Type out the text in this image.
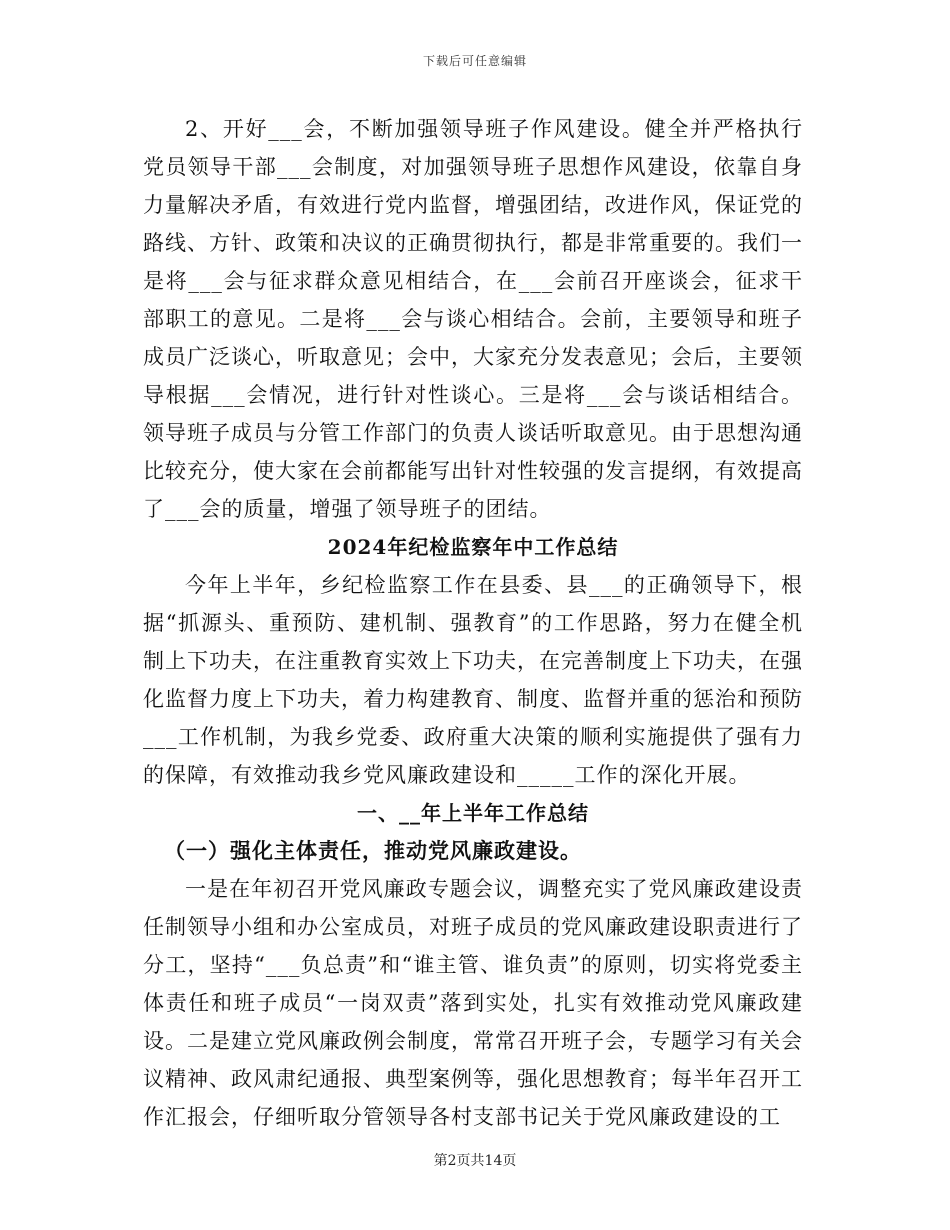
下载后可任意编辑

2、开好___会，不断加强领导班子作风建设。健全并严格执行党员领导干部___会制度，对加强领导班子思想作风建设，依靠自身力量解决矛盾，有效进行党内监督，增强团结，改进作风，保证党的路线、方针、政策和决议的正确贯彻执行，都是非常重要的。我们一是将___会与征求群众意见相结合，在___会前召开座谈会，征求干部职工的意见。二是将___会与谈心相结合。会前，主要领导和班子成员广泛谈心，听取意见；会中，大家充分发表意见；会后，主要领导根据___会情况，进行针对性谈心。三是将___会与谈话相结合。领导班子成员与分管工作部门的负责人谈话听取意见。由于思想沟通比较充分，使大家在会前都能写出针对性较强的发言提纲，有效提高了___会的质量，增强了领导班子的团结。

2024年纪检监察年中工作总结

今年上半年，乡纪检监察工作在县委、县___的正确领导下，根据“抓源头、重预防、建机制、强教育”的工作思路，努力在健全机制上下功夫，在注重教育实效上下功夫，在完善制度上下功夫，在强化监督力度上下功夫，着力构建教育、制度、监督并重的惩治和预防___工作机制，为我乡党委、政府重大决策的顺利实施提供了强有力的保障，有效推动我乡党风廉政建设和_____工作的深化开展。

一、__年上半年工作总结

（一）强化主体责任，推动党风廉政建设。

一是在年初召开党风廉政专题会议，调整充实了党风廉政建设责任制领导小组和办公室成员，对班子成员的党风廉政建设职责进行了分工，坚持“___负总责”和“谁主管、谁负责”的原则，切实将党委主体责任和班子成员“一岗双责”落到实处，扎实有效推动党风廉政建设。二是建立党风廉政例会制度，常常召开班子会，专题学习有关会议精神、政风肃纪通报、典型案例等，强化思想教育；每半年召开工作汇报会，仔细听取分管领导各村支部书记关于党风廉政建设的工

第2页共14页
